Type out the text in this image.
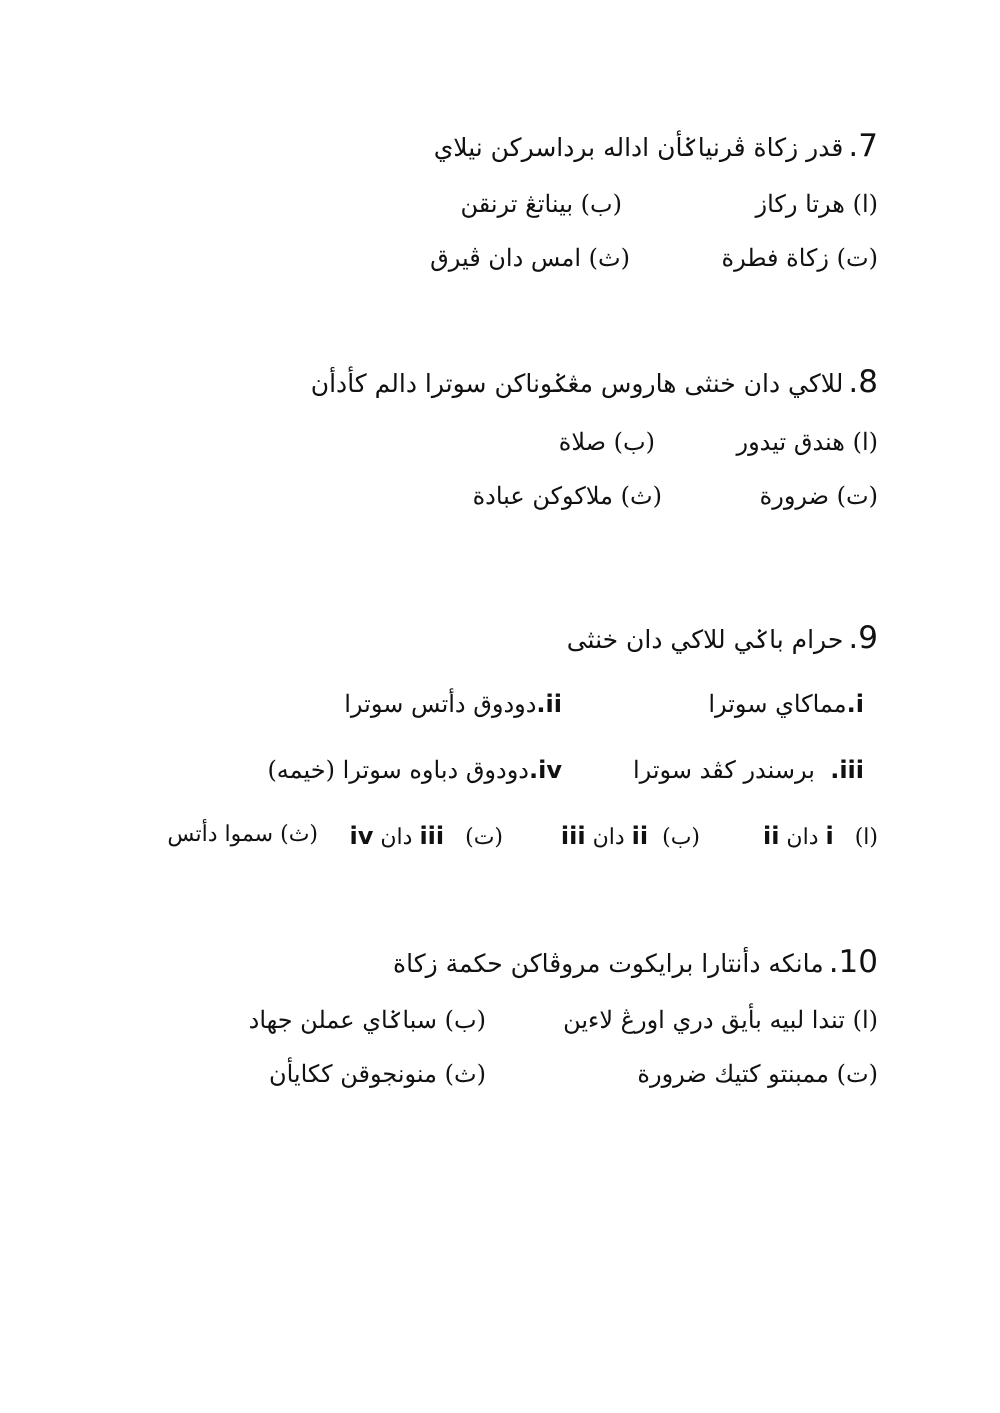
7. قدر زكاة ڤرنياݢأن اداله برداسركن نيلاي
(ا) هرتا رکاز
(ب) بيناتڠ ترنقن
(ت) زكاة فطرة
(ث) امس دان ڤيرق
8. للاكي دان خنثى هاروس مڠݢوناكن سوترا دالم كأدأن
(ا) هندق تيدور
(ب) صلاة
(ت) ضرورة
(ث) ملاكوكن عبادة
9. حرام باݢي للاكي دان خنثى
i.مماكاي سوترا
ii.دودوق دأتس سوترا
iii.  برسندر كڤد سوترا
iv.دودوق دباوه سوترا (خيمه)
(ا)   i دان ii
(ب)  ii دان iii
(ت)   iii دان iv
(ث) سموا دأتس
10. مانكه دأنتارا برايكوت مروڤاكن حكمة زكاة
(ا) تندا لبيه بأيق دري اورڠ لاءين
(ب) سباݢاي عملن جهاد
(ت) ممبنتو كتيك ضرورة
(ث) منونجوقن ككايأن
